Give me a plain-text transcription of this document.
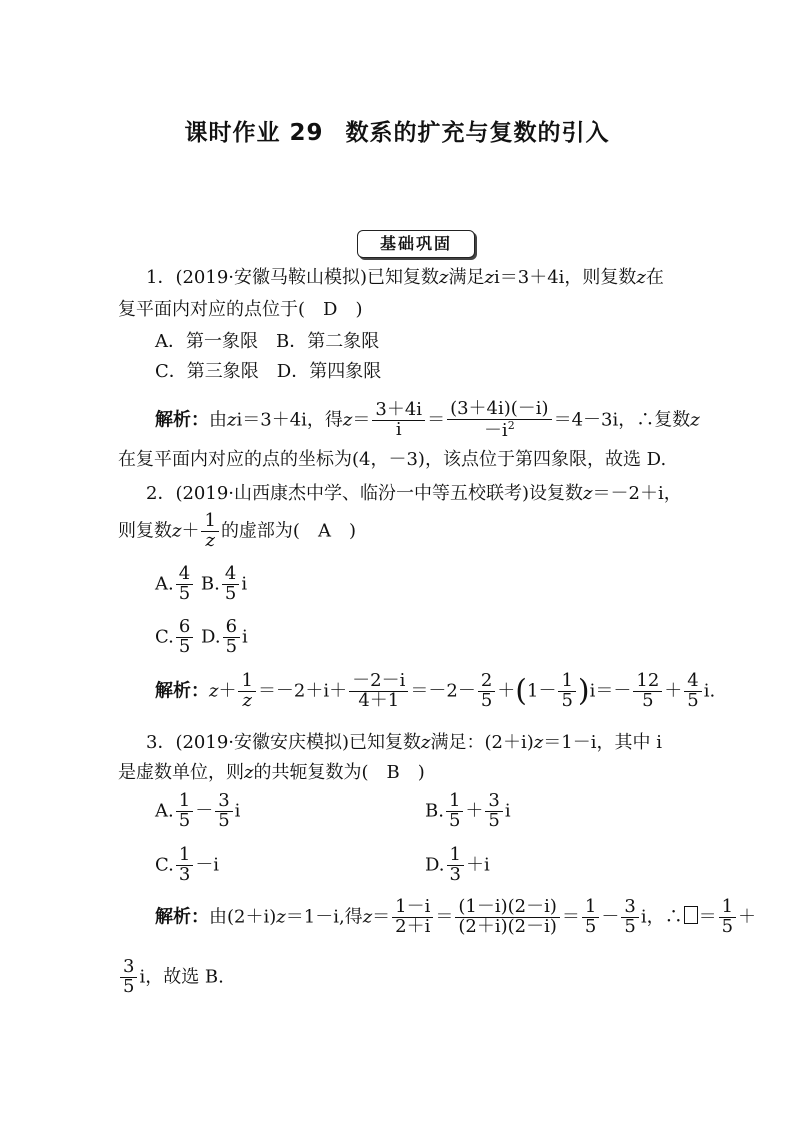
课时作业 29 数系的扩充与复数的引入
基础巩固
1．(2019·安徽马鞍山模拟)已知复数z满足zi＝3＋4i，则复数z在
复平面内对应的点位于(　D　)
A．第一象限　B．第二象限
C．第三象限　D．第四象限
解析：由zi＝3＋4i，得$z= \frac{3+4i}{i} = \frac{(3+4i)(-i)}{-i^2} =4-3i$，∴复数z
在复平面内对应的点的坐标为(4，－3)，该点位于第四象限，故选 D.
2．(2019·山西康杰中学、临汾一中等五校联考)设复数z＝－2＋i，
则复数$z+ \frac{1}{z}$ 的虚部为(　A　)
A. $\frac{4}{5} B$. $\frac{4}{5}$ i
C. $\frac{6}{5} D$. $\frac{6}{5}$ i
解析：$z+ \frac{1}{z} =-2+i+ \frac{-2-i}{4+1} =-2- \frac{2}{5} +(1- \frac{1}{5} )i=- \frac{12}{5} + \frac{4}{5} i$.
3．(2019·安徽安庆模拟)已知复数z满足：(2＋i)z＝1－i，其中 i
是虚数单位，则z的共轭复数为(　B　)
A. $\frac{1}{5} - \frac{3}{5}$ i	B. $\frac{1}{5} + \frac{3}{5}$ i
C. $\frac{1}{3} -i$	D. $\frac{1}{3} +i$
解析：由(2＋i)z＝1－i,得$z= \frac{1-i}{2+i} = \frac{(1-i)(2-i)}{(2+i)(2-i)} = \frac{1}{5} - \frac{3}{5}$ i，∴ ＝ $\frac{1}{5}$ ＋
$\frac{3}{5}$ i，故选 B.
